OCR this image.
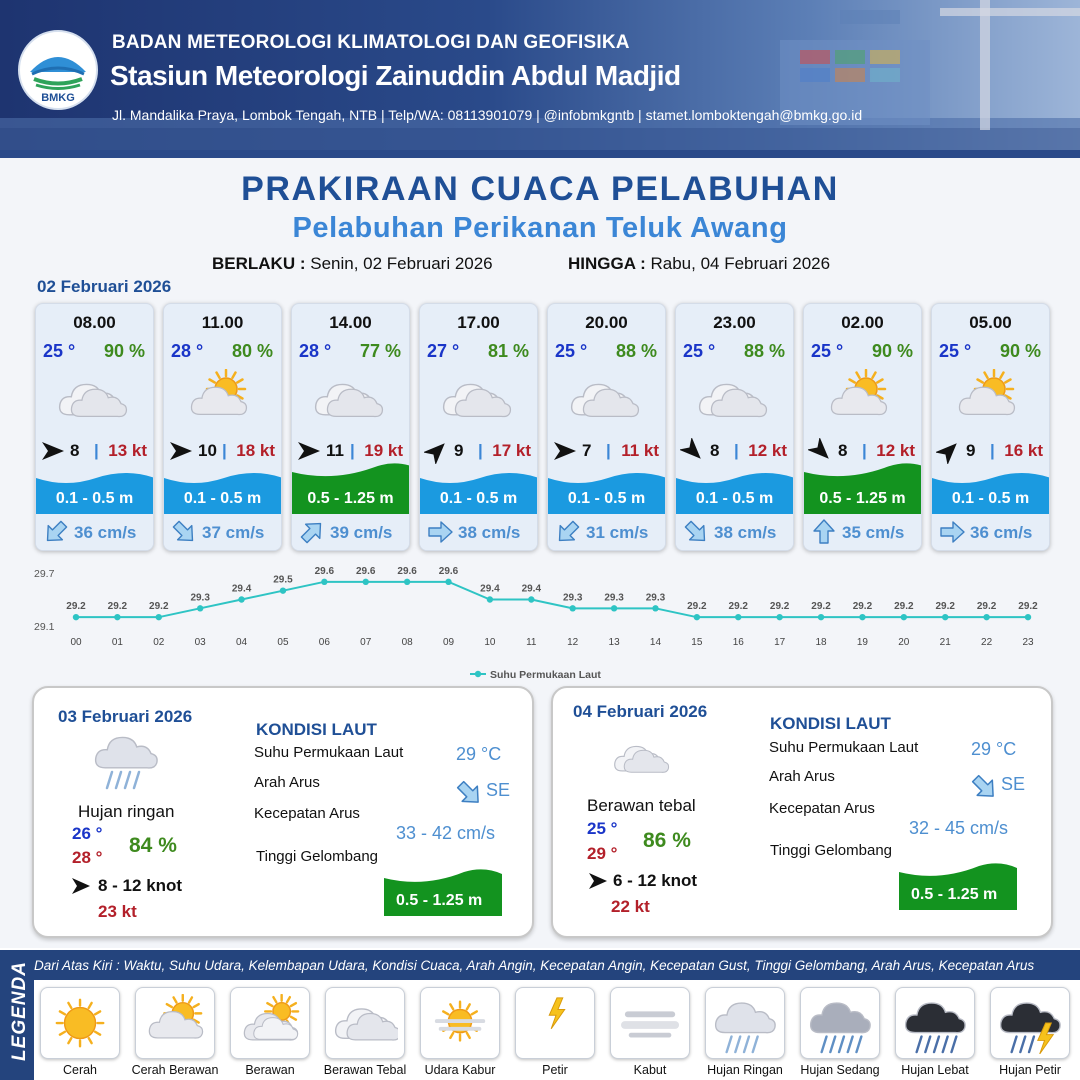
BMKG
BADAN METEOROLOGI KLIMATOLOGI DAN GEOFISIKA
Stasiun Meteorologi Zainuddin Abdul Madjid
Jl. Mandalika Praya, Lombok Tengah, NTB | Telp/WA: 08113901079 | @infobmkgntb | stamet.lomboktengah@bmkg.go.id
PRAKIRAAN CUACA PELABUHAN
Pelabuhan Perikanan Teluk Awang
BERLAKU : Senin, 02 Februari 2026	HINGGA : Rabu, 04 Februari 2026
02 Februari 2026
08.00
25 ° 90 %
8 | 13 kt
0.1 - 0.5 m
36 cm/s
11.00
28 ° 80 %
10 | 18 kt
0.1 - 0.5 m
37 cm/s
14.00
28 ° 77 %
11 | 19 kt
0.5 - 1.25 m
39 cm/s
17.00
27 ° 81 %
9 | 17 kt
0.1 - 0.5 m
38 cm/s
20.00
25 ° 88 %
7 | 11 kt
0.1 - 0.5 m
31 cm/s
23.00
25 ° 88 %
8 | 12 kt
0.1 - 0.5 m
38 cm/s
02.00
25 ° 90 %
8 | 12 kt
0.5 - 1.25 m
35 cm/s
05.00
25 ° 90 %
9 | 16 kt
0.1 - 0.5 m
36 cm/s
29.1
29.7
29.2
00
29.2
01
29.2
02
29.3
03
29.4
04
29.5
05
29.6
06
29.6
07
29.6
08
29.6
09
29.4
10
29.4
11
29.3
12
29.3
13
29.3
14
29.2
15
29.2
16
29.2
17
29.2
18
29.2
19
29.2
20
29.2
21
29.2
22
29.2
23
Suhu Permukaan Laut
03 Februari 2026
Hujan ringan
26 °
28 °
84 %
8 - 12 knot
23 kt
KONDISI LAUT
Suhu Permukaan Laut	29 °C
Arah Arus	SE
Kecepatan Arus
33 - 42 cm/s
Tinggi Gelombang
0.5 - 1.25 m
04 Februari 2026
Berawan tebal
25 °
29 °
86 %
6 - 12 knot
22 kt
KONDISI LAUT
Suhu Permukaan Laut	29 °C
Arah Arus	SE
Kecepatan Arus
32 - 45 cm/s
Tinggi Gelombang
0.5 - 1.25 m
LEGENDA Dari Atas Kiri : Waktu, Suhu Udara, Kelembapan Udara, Kondisi Cuaca, Arah Angin, Kecepatan Angin, Kecepatan Gust, Tinggi Gelombang, Arah Arus, Kecepatan Arus
Cerah	Cerah Berawan	Berawan	Berawan Tebal	Udara Kabur	Petir	Kabut	Hujan Ringan	Hujan Sedang	Hujan Lebat	Hujan Petir
